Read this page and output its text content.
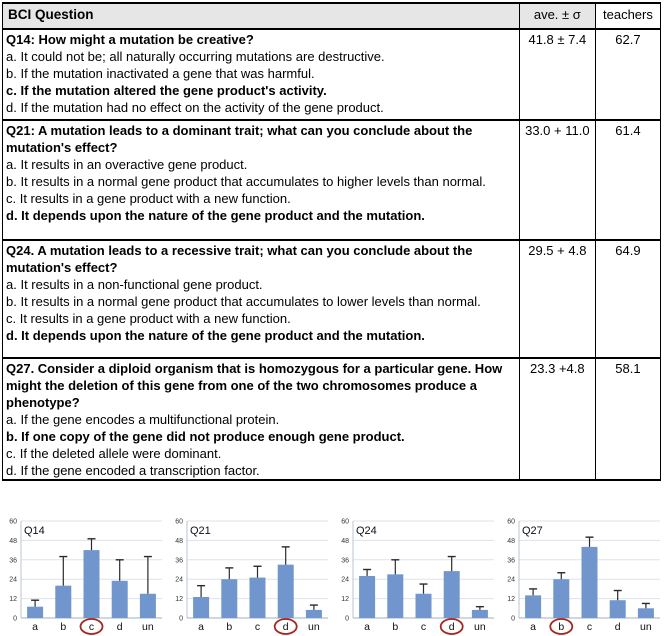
BCI Question	ave. ± σ	teachers

Q14: How might a mutation be creative?
a. It could not be; all naturally occurring mutations are destructive.
b. If the mutation inactivated a gene that was harmful.
c. If the mutation altered the gene product's activity.
d. If the mutation had no effect on the activity of the gene product.	41.8 ± 7.4	62.7

Q21: A mutation leads to a dominant trait; what can you conclude about the mutation's effect?
a. It results in an overactive gene product.
b. It results in a normal gene product that accumulates to higher levels than normal.
c. It results in a gene product with a new function.
d. It depends upon the nature of the gene product and the mutation.	33.0 + 11.0	61.4

Q24. A mutation leads to a recessive trait; what can you conclude about the mutation's effect?
a. It results in a non-functional gene product.
b. It results in a normal gene product that accumulates to lower levels than normal.
c. It results in a gene product with a new function.
d. It depends upon the nature of the gene product and the mutation.	29.5 + 4.8	64.9

Q27. Consider a diploid organism that is homozygous for a particular gene. How might the deletion of this gene from one of the two chromosomes produce a phenotype?
a. If the gene encodes a multifunctional protein.
b. If one copy of the gene did not produce enough gene product.
c. If the deleted allele were dominant.
d. If the gene encoded a transcription factor.	23.3 +4.8	58.1
0
12
24
36
48
60
a b c d un
Q14
0
12
24
36
48
60
a b c d un
Q21
0
12
24
36
48
60
a b c d un
Q24
0
12
24
36
48
60
a b c d un
Q27
